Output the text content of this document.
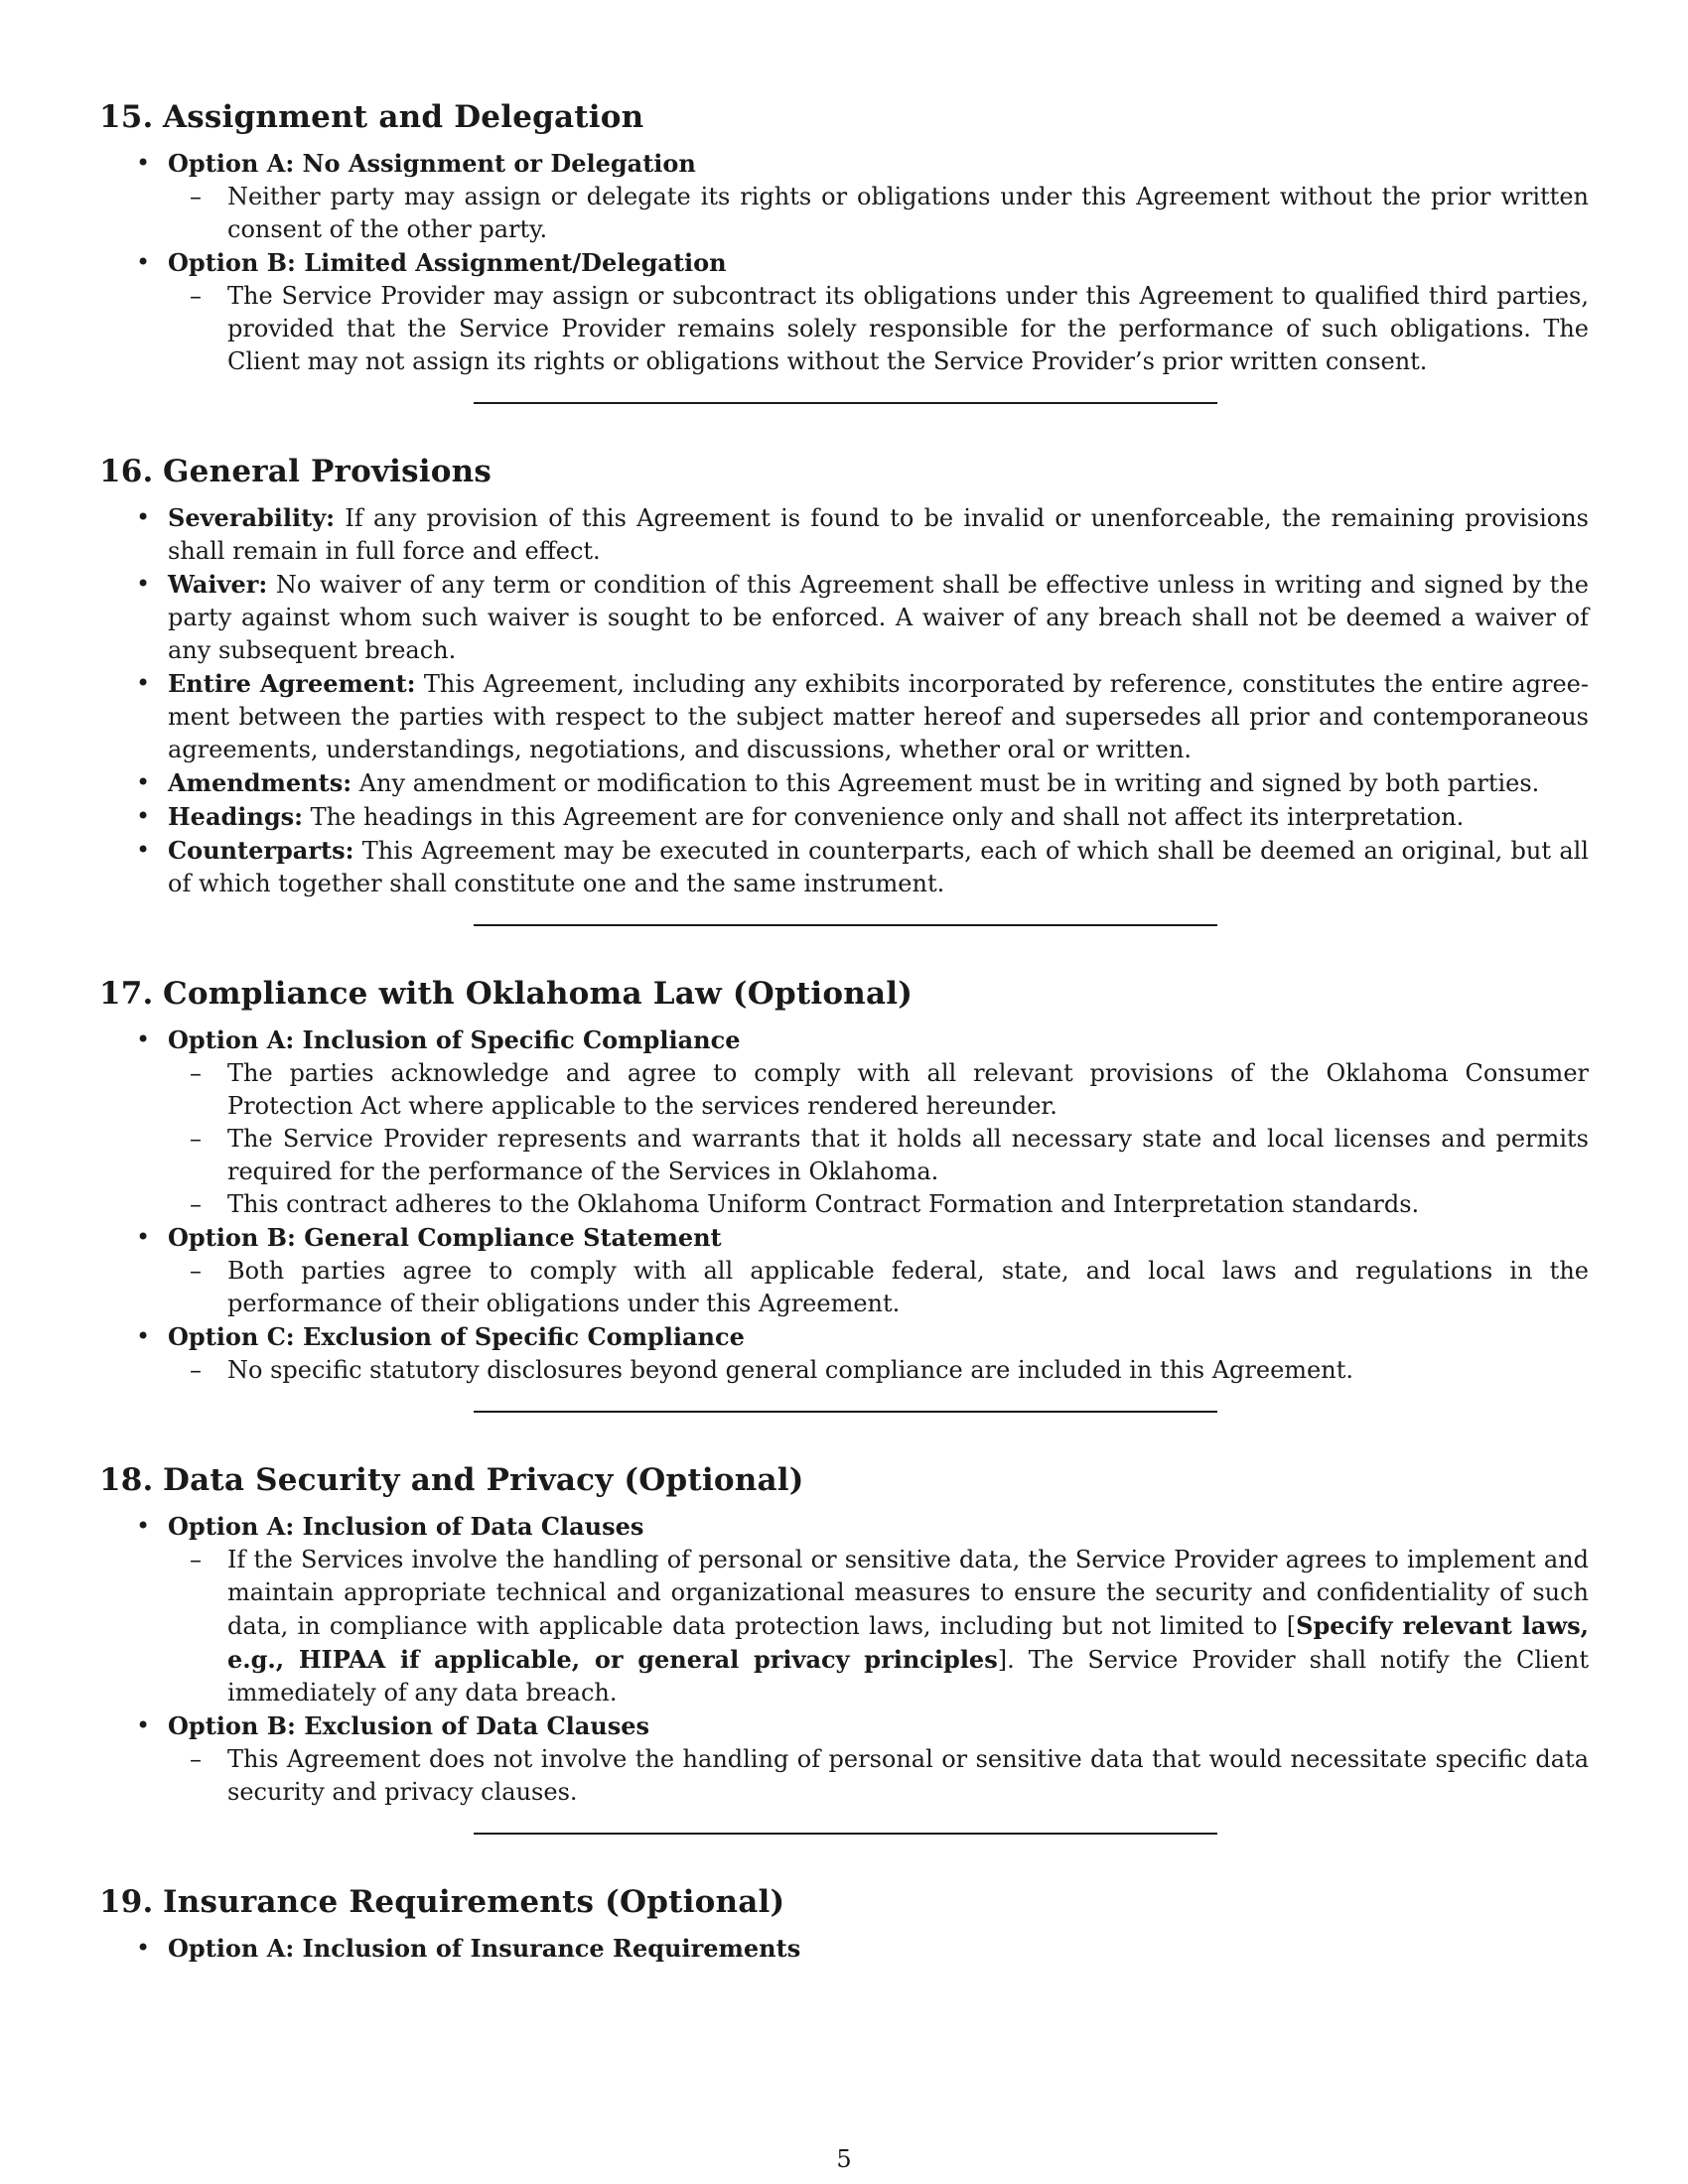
15. Assignment and Delegation
• Option A: No Assignment or Delegation
– Neither party may assign or delegate its rights or obligations under this Agreement without the prior written consent of the other party.
• Option B: Limited Assignment/Delegation
– The Service Provider may assign or subcontract its obligations under this Agreement to qualified third parties, provided that the Service Provider remains solely responsible for the performance of such obligations. The Client may not assign its rights or obligations without the Service Provider’s prior written consent.
16. General Provisions
• Severability: If any provision of this Agreement is found to be invalid or unenforceable, the remaining provisions shall remain in full force and effect.
• Waiver: No waiver of any term or condition of this Agreement shall be effective unless in writing and signed by the party against whom such waiver is sought to be enforced. A waiver of any breach shall not be deemed a waiver of any subsequent breach.
• Entire Agreement: This Agreement, including any exhibits incorporated by reference, constitutes the entire agree-ment between the parties with respect to the subject matter hereof and supersedes all prior and contemporaneous agreements, understandings, negotiations, and discussions, whether oral or written.
• Amendments: Any amendment or modification to this Agreement must be in writing and signed by both parties.
• Headings: The headings in this Agreement are for convenience only and shall not affect its interpretation.
• Counterparts: This Agreement may be executed in counterparts, each of which shall be deemed an original, but all of which together shall constitute one and the same instrument.
17. Compliance with Oklahoma Law (Optional)
• Option A: Inclusion of Specific Compliance
– The parties acknowledge and agree to comply with all relevant provisions of the Oklahoma Consumer Protection Act where applicable to the services rendered hereunder.
– The Service Provider represents and warrants that it holds all necessary state and local licenses and permits required for the performance of the Services in Oklahoma.
– This contract adheres to the Oklahoma Uniform Contract Formation and Interpretation standards.
• Option B: General Compliance Statement
– Both parties agree to comply with all applicable federal, state, and local laws and regulations in the performance of their obligations under this Agreement.
• Option C: Exclusion of Specific Compliance
– No specific statutory disclosures beyond general compliance are included in this Agreement.
18. Data Security and Privacy (Optional)
• Option A: Inclusion of Data Clauses
– If the Services involve the handling of personal or sensitive data, the Service Provider agrees to implement and maintain appropriate technical and organizational measures to ensure the security and confidentiality of such data, in compliance with applicable data protection laws, including but not limited to [Specify relevant laws, e.g., HIPAA if applicable, or general privacy principles]. The Service Provider shall notify the Client immediately of any data breach.
• Option B: Exclusion of Data Clauses
– This Agreement does not involve the handling of personal or sensitive data that would necessitate specific data security and privacy clauses.
19. Insurance Requirements (Optional)
• Option A: Inclusion of Insurance Requirements
5
